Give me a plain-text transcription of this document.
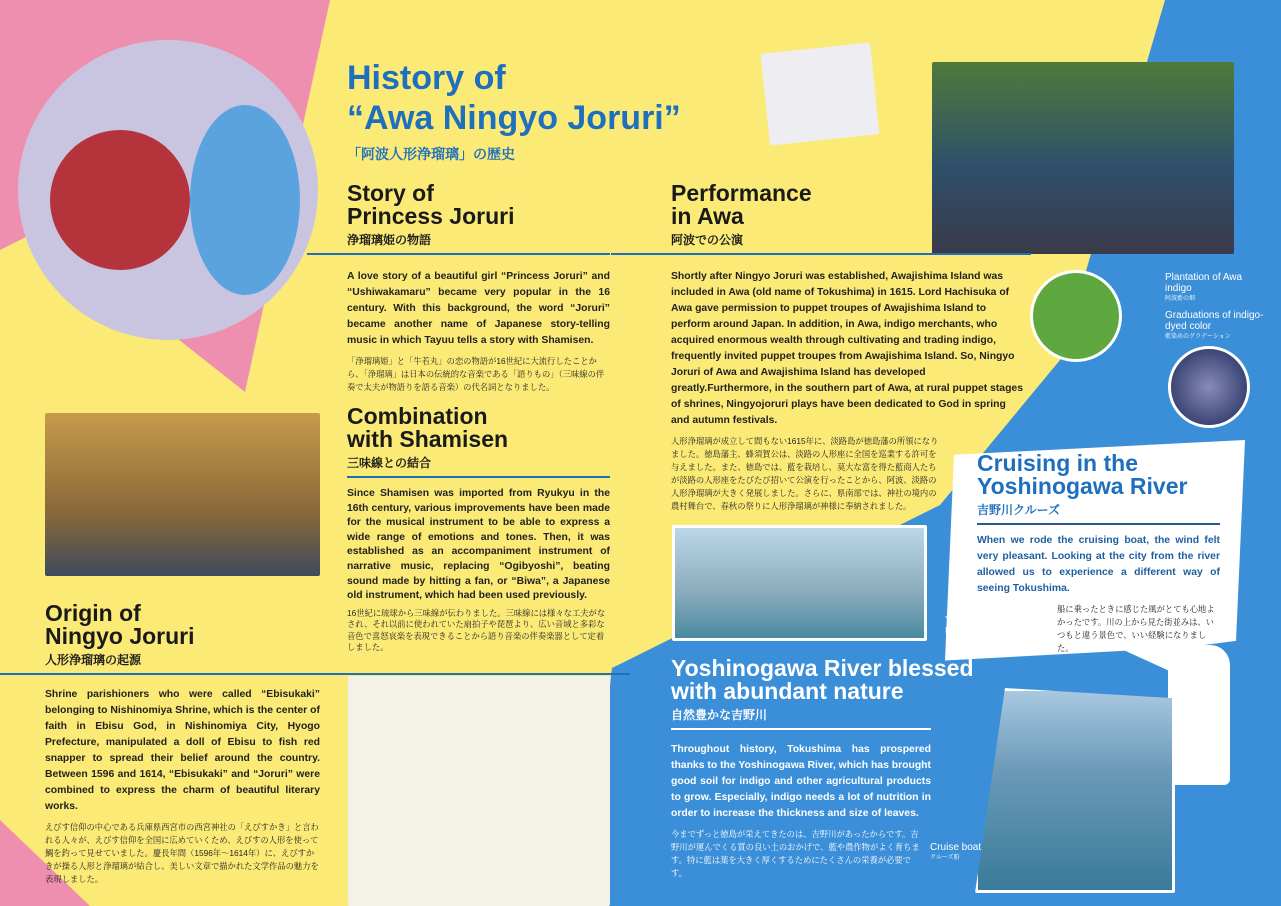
History of
“Awa Ningyo Joruri”
「阿波人形浄瑠璃」の歴史
Story of
Princess Joruri
浄瑠璃姫の物語
A love story of a beautiful girl “Princess Joruri” and “Ushiwakamaru” became very popular in the 16 century. With this background, the word “Joruri” became another name of Japanese story-telling music in which Tayuu tells a story with Shamisen.
「浄瑠璃姫」と「牛若丸」の恋の物語が16世紀に大流行したことから、「浄瑠璃」は日本の伝統的な音楽である「語りもの」（三味線の伴奏で太夫が物語りを語る音楽）の代名詞となりました。
Origin of
Ningyo Joruri
人形浄瑠璃の起源
Shrine parishioners who were called “Ebisukaki” belonging to Nishinomiya Shrine, which is the center of faith in Ebisu God, in Nishinomiya City, Hyogo Prefecture, manipulated a doll of Ebisu to fish red snapper to spread their belief around the country. Between 1596 and 1614, “Ebisukaki” and “Joruri” were combined to express the charm of beautiful literary works.
えびす信仰の中心である兵庫県西宮市の西宮神社の「えびすかき」と言われる人々が、えびす信仰を全国に広めていくため、えびすの人形を使って鯛を釣って見せていました。慶長年間（1596年～1614年）に、えびすかきが操る人形と浄瑠璃が結合し、美しい文章で描かれた文学作品の魅力を表現しました。
Combination
with Shamisen
三味線との結合
Since Shamisen was imported from Ryukyu in the 16th century, various improvements have been made for the musical instrument to be able to express a wide range of emotions and tones. Then, it was established as an accompaniment instrument of narrative music, replacing “Ogibyoshi”, beating sound made by hitting a fan, or “Biwa”, a Japanese old instrument, which had been used previously.
16世紀に琉球から三味線が伝わりました。三味線には様々な工夫がなされ、それ以前に使われていた扇拍子や琵琶より、広い音域と多彩な音色で喜怒哀楽を表現できることから語り音楽の伴奏楽器として定着しました。
Performance
in Awa
阿波での公演
Shortly after Ningyo Joruri was established, Awajishima Island was included in Awa (old name of Tokushima) in 1615. Lord Hachisuka of Awa gave permission to puppet troupes of Awajishima Island to perform around Japan. In addition, in Awa, indigo merchants, who acquired enormous wealth through cultivating and trading indigo, frequently invited puppet troupes from Awajishima Island. So, Ningyo Joruri of Awa and Awajishima Island has developed greatly.Furthermore, in the southern part of Awa, at rural puppet stages of shrines, Ningyojoruri plays have been dedicated to God in spring and autumn festivals.
人形浄瑠璃が成立して間もない1615年に、淡路島が徳島藩の所領になりました。徳島藩主、蜂須賀公は、淡路の人形座に全国を巡業する許可を与えました。また、徳島では、藍を栽培し、莫大な富を得た藍商人たちが淡路の人形座をたびたび招いて公演を行ったことから、阿波、淡路の人形浄瑠璃が大きく発展しました。さらに、県南部では、神社の境内の農村舞台で、春秋の祭りに人形浄瑠璃が神様に奉納されました。
Plantation of Awa indigo
阿波藍の畑
Graduations of indigo-dyed color
藍染めのグラデーション
Cruising in the
Yoshinogawa River
吉野川クルーズ
When we rode the cruising boat, the wind felt very pleasant. Looking at the city from the river allowed us to experience a different way of seeing Tokushima.
船に乗ったときに感じた風がとても心地よかったです。川の上から見た街並みは、いつもと違う景色で、いい経験になりました。
Yoshinogawa River
吉野川
Yoshinogawa River blessed
with abundant nature
自然豊かな吉野川
Throughout history, Tokushima has prospered thanks to the Yoshinogawa River, which has brought good soil for indigo and other agricultural products to grow. Especially, indigo needs a lot of nutrition in order to increase the thickness and size of leaves.
今までずっと徳島が栄えてきたのは、吉野川があったからです。吉野川が運んでくる質の良い土のおかげで、藍や農作物がよく育ちます。特に藍は葉を大きく厚くするためにたくさんの栄養が必要です。
Cruise boat
クルーズ船
